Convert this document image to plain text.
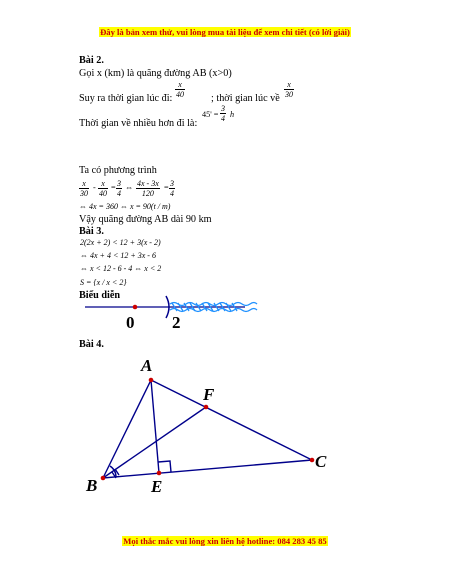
Đây là bản xem thử, vui lòng mua tài liệu để xem chi tiết (có lời giải)
Bài 2.
Gọi x (km) là quãng đường AB (x>0)
Suy ra thời gian lúc đi: $\frac{x}{40}$	; thời gian lúc về $\frac{x}{30}$
Thời gian về nhiều hơn đi là:
$45' = \frac{3}{4}$ h
Ta có phương trình
$\frac{x}{30} - \frac{x}{40} = \frac{3}{4}$ ⇔ $\frac{4x - 3x}{120} = \frac{3}{4}$
⇔ 4x = 360 ⇔ x = 90(t / m)
Vậy quãng đường AB dài 90 km
Bài 3.
2(2x + 2) < 12 + 3(x - 2)
⇔ 4x + 4 < 12 + 3x - 6
⇔ x < 12 - 6 - 4 ⇔ x < 2
S = {x / x < 2}
Biểu diễn
0 2
Bài 4.
A
F
B	E
C
Mọi thắc mắc vui lòng xin liên hệ hotline: 084 283 45 85
